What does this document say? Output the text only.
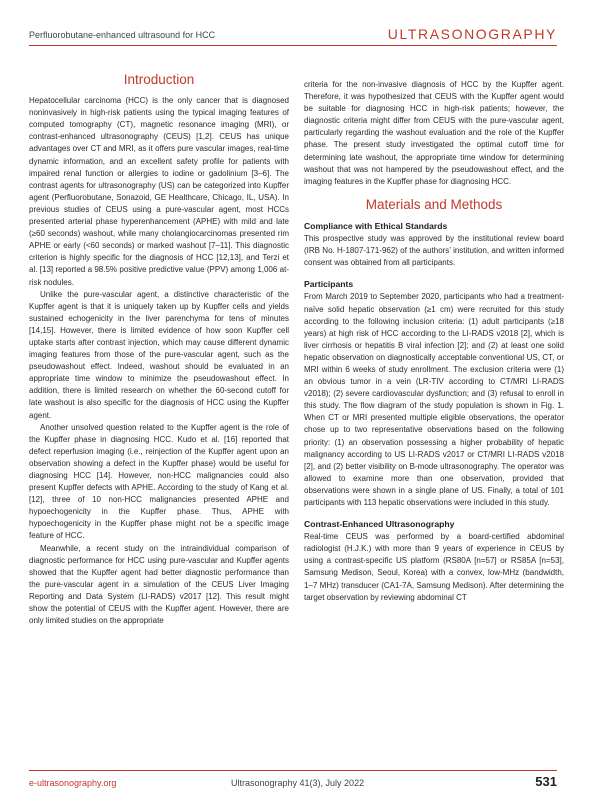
Perfluorobutane-enhanced ultrasound for HCC	ULTRASONOGRAPHY
Introduction

Hepatocellular carcinoma (HCC) is the only cancer that is diagnosed noninvasively in high-risk patients using the typical imaging features of computed tomography (CT), magnetic resonance imaging (MRI), or contrast-enhanced ultrasonography (CEUS) [1,2]. CEUS has unique advantages over CT and MRI, as it offers pure vascular images, real-time dynamic information, and an excellent safety profile for patients with impaired renal function or allergies to iodine or gadolinium [3–6]. The contrast agents for ultrasonography (US) can be categorized into Kupffer agent (Perfluorobutane, Sonazoid, GE Healthcare, Chicago, IL, USA). In previous studies of CEUS using a pure-vascular agent, most HCCs presented arterial phase hyperenhancement (APHE) with mild and late (≥60 seconds) washout, while many cholangiocarcinomas presented rim APHE or early (<60 seconds) or marked washout [7–11]. This diagnostic criterion is highly specific for the diagnosis of HCC [12,13], and Terzi et al. [13] reported a 98.5% positive predictive value (PPV) among 1,006 at-risk nodules.

Unlike the pure-vascular agent, a distinctive characteristic of the Kupffer agent is that it is uniquely taken up by Kupffer cells and yields sustained echogenicity in the liver parenchyma for tens of minutes [14,15]. However, there is limited evidence of how soon Kupffer cell uptake starts after contrast injection, which may cause different dynamic imaging features from those of the pure-vascular agent, such as the pseudowashout effect. Indeed, washout should be evaluated in an appropriate time window to minimize the pseudowashout effect. In addition, there is limited research on whether the 60-second cutoff for late washout is also specific for the diagnosis of HCC using the Kupffer agent.

Another unsolved question related to the Kupffer agent is the role of the Kupffer phase in diagnosing HCC. Kudo et al. [16] reported that defect reperfusion imaging (i.e., reinjection of the Kupffer agent upon an observation showing a defect in the Kupffer phase) would be useful for diagnosing HCC [14]. However, non-HCC malignancies could also present Kupffer defects with APHE. According to the study of Kang et al. [12], three of 10 non-HCC malignancies presented APHE and hypoechogenicity in the Kupffer phase. Thus, APHE with hypoechogenicity in the Kupffer phase might not be a specific image feature of HCC.

Meanwhile, a recent study on the intraindividual comparison of diagnostic performance for HCC using pure-vascular and Kupffer agents showed that the Kupffer agent had better diagnostic performance than the pure-vascular agent in a simulation of the CEUS Liver Imaging Reporting and Data System (LI-RADS) v2017 [12]. This result might show the potential of CEUS with the Kupffer agent. However, there are only limited studies on the appropriate

criteria for the non-invasive diagnosis of HCC by the Kupffer agent. Therefore, it was hypothesized that CEUS with the Kupffer agent would be suitable for diagnosing HCC in high-risk patients; however, the diagnostic criteria might differ from CEUS with the pure-vascular agent, particularly regarding the washout evaluation and the role of the Kupffer phase. The present study investigated the optimal cutoff time for determining late washout, the appropriate time window for determining washout that was not hampered by the pseudowashout effect, and the imaging features in the Kupffer phase for diagnosing HCC.

Materials and Methods
Compliance with Ethical Standards

This prospective study was approved by the institutional review board (IRB No. H-1807-171-962) of the authors’ institution, and written informed consent was obtained from all participants.

Participants

From March 2019 to September 2020, participants who had a treatment-naïve solid hepatic observation (≥1 cm) were recruited for this study according to the following inclusion criteria: (1) adult participants (≥18 years) at high risk of HCC according to the LI-RADS v2018 [2], which is liver cirrhosis or hepatitis B viral infection [2]; and (2) at least one solid hepatic observation on diagnostically acceptable conventional US, CT, or MRI within 6 weeks of study enrollment. The exclusion criteria were (1) an obvious tumor in a vein (LR-TIV according to CT/MRI LI-RADS v2018); (2) severe cardiovascular dysfunction; and (3) refusal to enroll in this study. The flow diagram of the study population is shown in Fig. 1. When CT or MRI presented multiple eligible observations, the operator chose up to two representative observations based on the following priority: (1) an observation possessing a higher probability of hepatic malignancy according to US LI-RADS v2017 or CT/MRI LI-RADS v2018 [2], and (2) better visibility on B-mode ultrasonography. The operator was allowed to examine more than one observation, provided that observations were shown in a single plane of US. Finally, a total of 101 participants with 113 hepatic observations were included in this study.

Contrast-Enhanced Ultrasonography

Real-time CEUS was performed by a board-certified abdominal radiologist (H.J.K.) with more than 9 years of experience in CEUS by using a contrast-specific US platform (RS80A [n=57] or RS85A [n=53], Samsung Medison, Seoul, Korea) with a convex, low-MHz (bandwidth, 1–7 MHz) transducer (CA1-7A, Samsung Medison). After determining the target observation by reviewing abdominal CT

e-ultrasonography.org	Ultrasonography 41(3), July 2022	531
